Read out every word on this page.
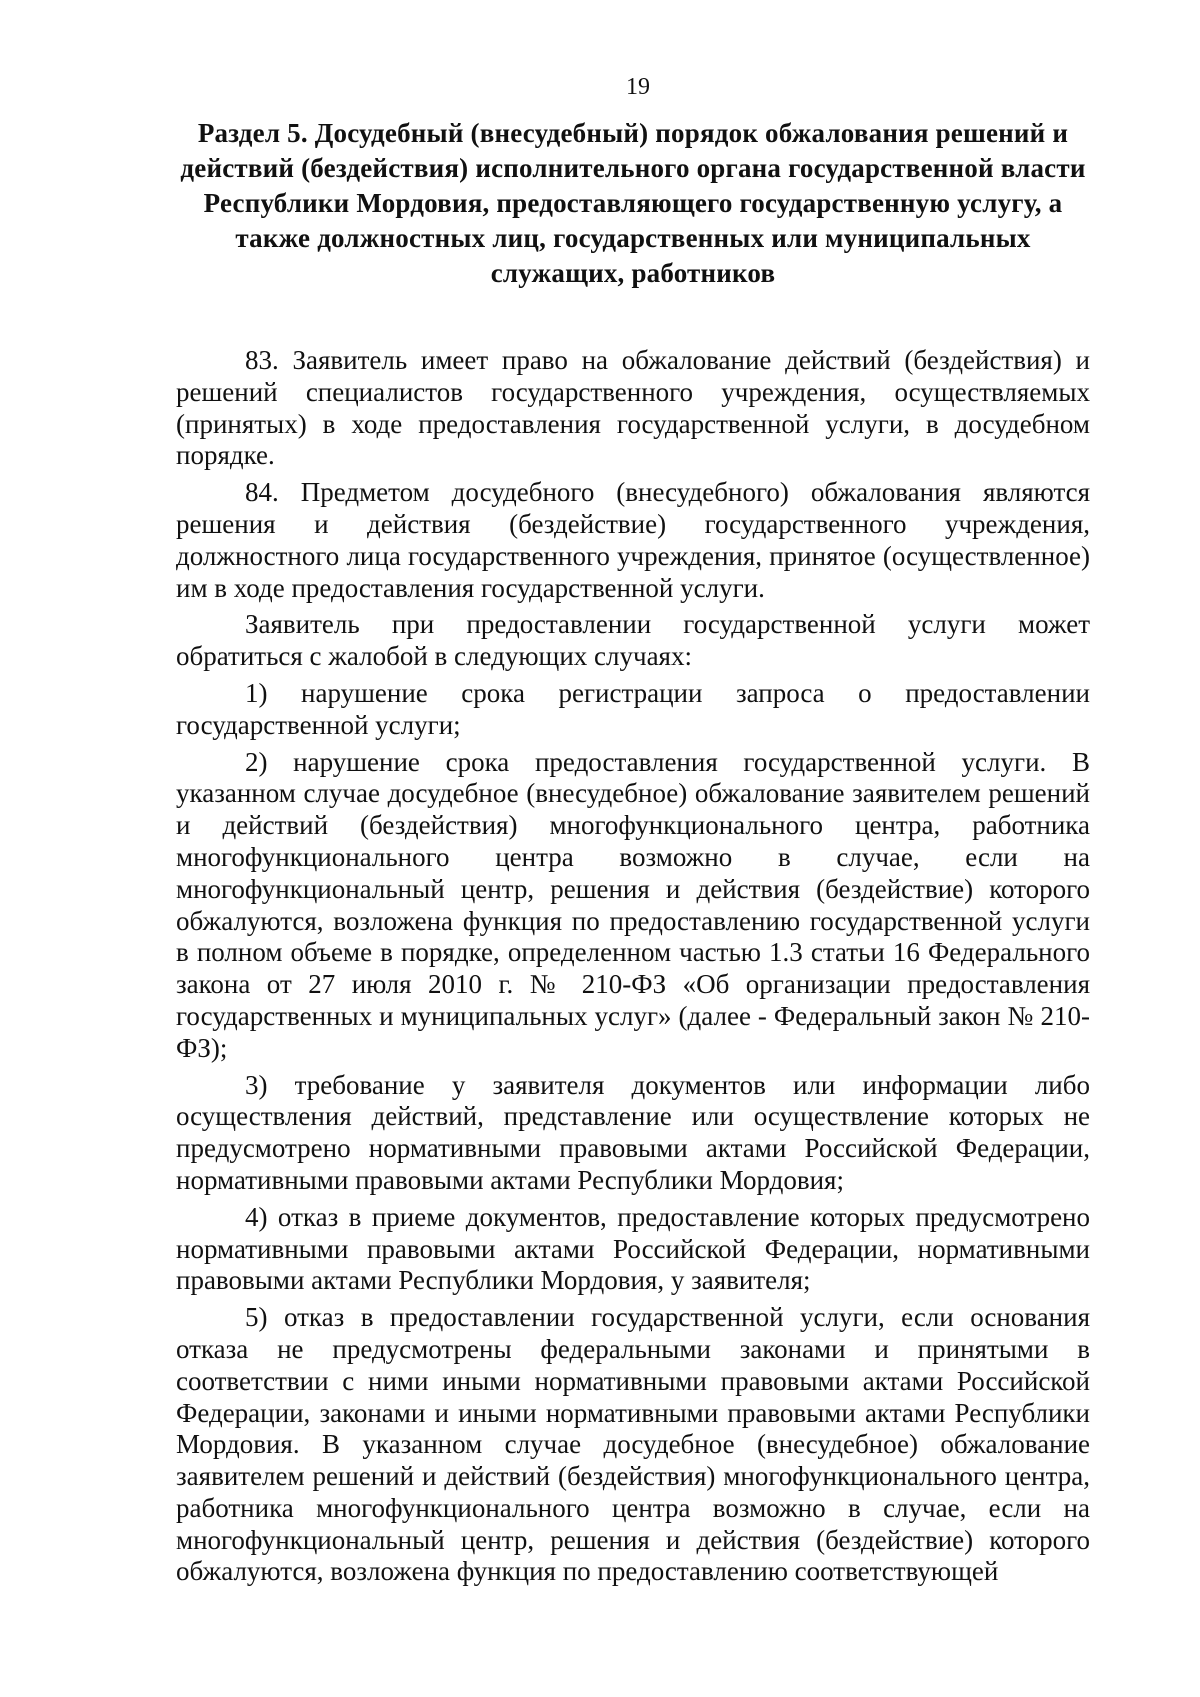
19
Раздел 5. Досудебный (внесудебный) порядок обжалования решений и действий (бездействия) исполнительного органа государственной власти Республики Мордовия, предоставляющего государственную услугу, а также должностных лиц, государственных или муниципальных служащих, работников

83. Заявитель имеет право на обжалование действий (бездействия) и решений специалистов государственного учреждения, осуществляемых (принятых) в ходе предоставления государственной услуги, в досудебном порядке.

84. Предметом досудебного (внесудебного) обжалования являются решения и действия (бездействие) государственного учреждения, должностного лица государственного учреждения, принятое (осуществленное) им в ходе предоставления государственной услуги.

Заявитель при предоставлении государственной услуги может обратиться с жалобой в следующих случаях:

1) нарушение срока регистрации запроса о предоставлении государственной услуги;

2) нарушение срока предоставления государственной услуги. В указанном случае досудебное (внесудебное) обжалование заявителем решений и действий (бездействия) многофункционального центра, работника многофункционального центра возможно в случае, если на многофункциональный центр, решения и действия (бездействие) которого обжалуются, возложена функция по предоставлению государственной услуги в полном объеме в порядке, определенном частью 1.3 статьи 16 Федерального закона от 27 июля 2010 г. № 210-ФЗ «Об организации предоставления государственных и муниципальных услуг» (далее - Федеральный закон № 210-ФЗ);

3) требование у заявителя документов или информации либо осуществления действий, представление или осуществление которых не предусмотрено нормативными правовыми актами Российской Федерации, нормативными правовыми актами Республики Мордовия;

4) отказ в приеме документов, предоставление которых предусмотрено нормативными правовыми актами Российской Федерации, нормативными правовыми актами Республики Мордовия, у заявителя;

5) отказ в предоставлении государственной услуги, если основания отказа не предусмотрены федеральными законами и принятыми в соответствии с ними иными нормативными правовыми актами Российской Федерации, законами и иными нормативными правовыми актами Республики Мордовия. В указанном случае досудебное (внесудебное) обжалование заявителем решений и действий (бездействия) многофункционального центра, работника многофункционального центра возможно в случае, если на многофункциональный центр, решения и действия (бездействие) которого обжалуются, возложена функция по предоставлению соответствующей
